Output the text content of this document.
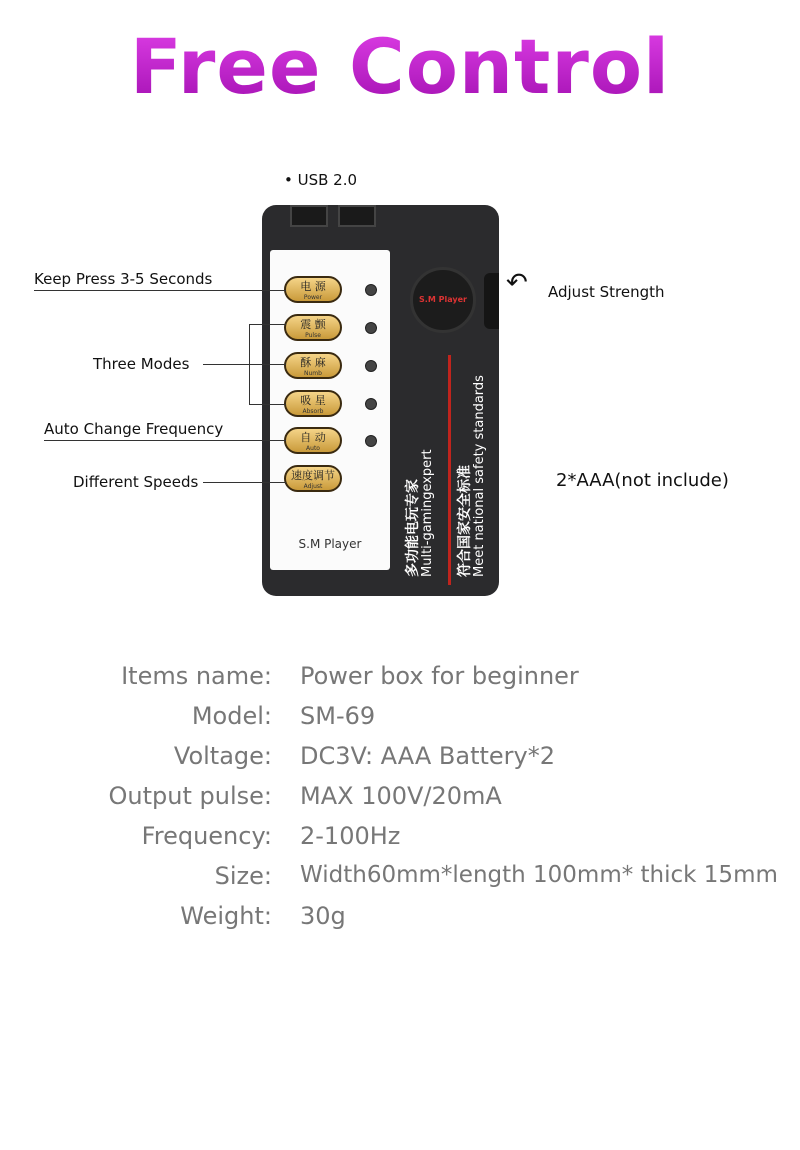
Free Control
• USB 2.0
电 源
Power
震 颤
Pulse
酥 麻
Numb
吸 星
Absorb
自 动
Auto
速度调节
Adjust
S.M Player
S.M Player
多功能电玩专家 Multi-gamingexpert 符合国家安全标准 Meet national safety standards
Keep Press 3-5 Seconds
Three Modes
Auto Change Frequency
Different Speeds
↶ Adjust Strength
2*AAA(not include)
Items name: Power box for beginner
Model: SM-69
Voltage: DC3V: AAA Battery*2
Output pulse: MAX 100V/20mA
Frequency: 2-100Hz
Size: Width60mm*length 100mm* thick 15mm
Weight: 30g
